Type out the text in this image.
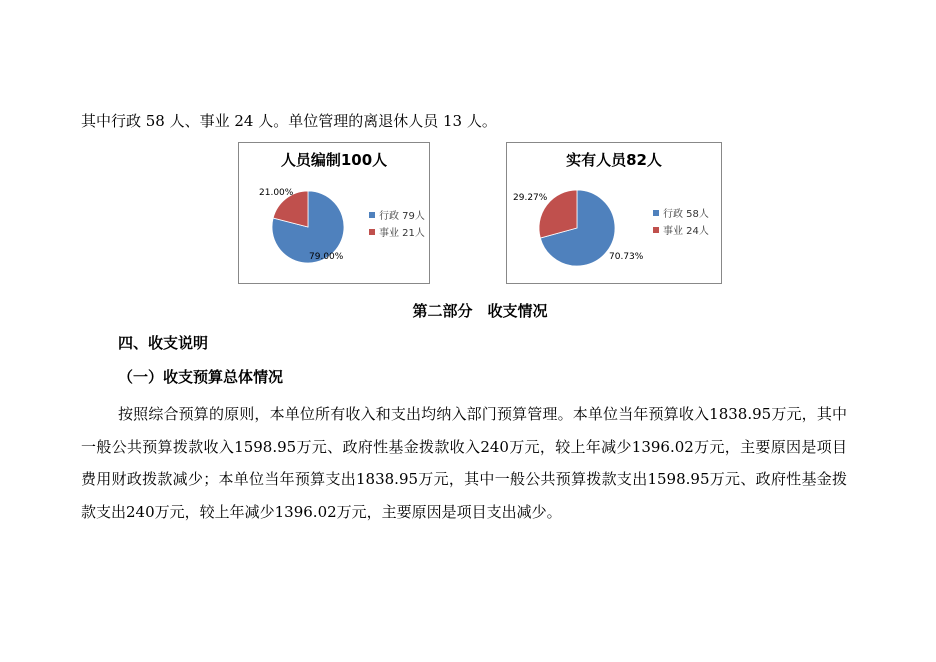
其中行政 58 人、事业 24 人。单位管理的离退休人员 13 人。
79.00%
行政 79人
21.00%
事业 21人
人员编制100人
70.73%
行政 58人
29.27%
事业 24人
实有人员82人
第二部分　收支情况
四、收支说明
（一）收支预算总体情况
按照综合预算的原则，本单位所有收入和支出均纳入部门预算管理。本单位当年预算收入1838.95万元，其中一般公共预算拨款收入1598.95万元、政府性基金拨款收入240万元，较上年减少1396.02万元，主要原因是项目费用财政拨款减少；本单位当年预算支出1838.95万元，其中一般公共预算拨款支出1598.95万元、政府性基金拨款支出240万元，较上年减少1396.02万元，主要原因是项目支出减少。
